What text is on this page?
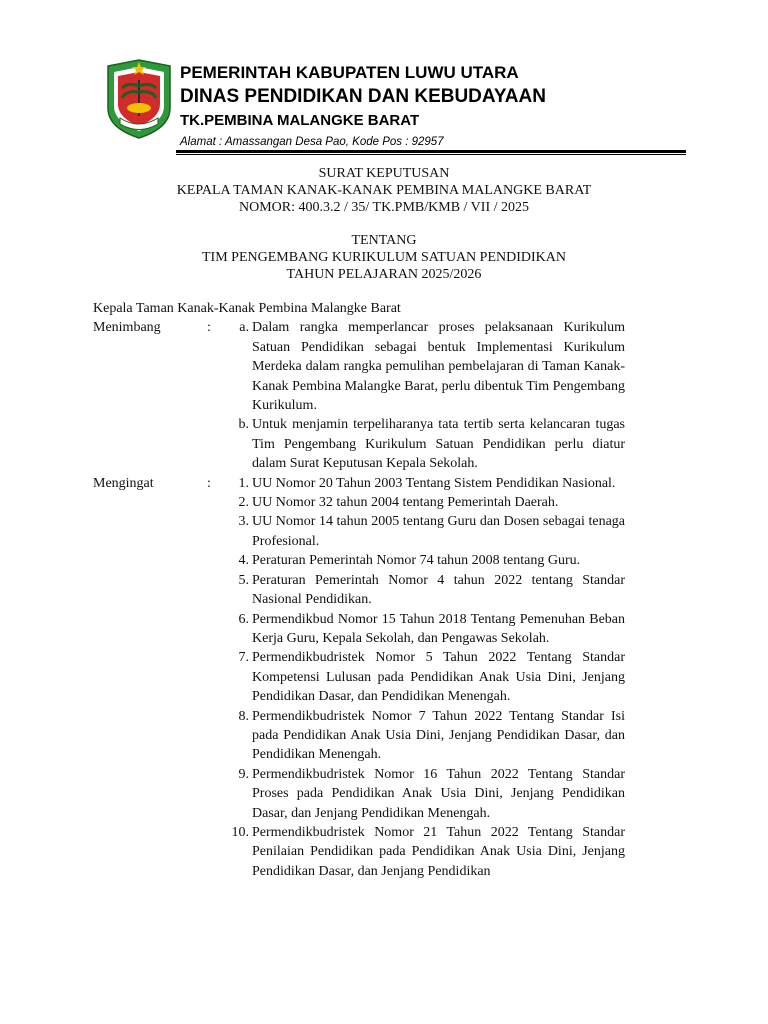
PEMERINTAH KABUPATEN LUWU UTARA
DINAS PENDIDIKAN DAN KEBUDAYAAN
TK.PEMBINA MALANGKE BARAT
Alamat : Amassangan Desa Pao, Kode Pos : 92957
SURAT KEPUTUSAN
KEPALA TAMAN KANAK-KANAK PEMBINA MALANGKE BARAT
NOMOR: 400.3.2 / 35/ TK.PMB/KMB / VII / 2025
TENTANG
TIM PENGEMBANG KURIKULUM SATUAN PENDIDIKAN
TAHUN PELAJARAN 2025/2026

Kepala Taman Kanak-Kanak Pembina Malangke Barat

Menimbang	:	a. Dalam rangka memperlancar proses pelaksanaan Kurikulum Satuan Pendidikan sebagai bentuk Implementasi Kurikulum Merdeka dalam rangka pemulihan pembelajaran di Taman Kanak-Kanak Pembina Malangke Barat, perlu dibentuk Tim Pengembang Kurikulum.
b. Untuk menjamin terpeliharanya tata tertib serta kelancaran tugas Tim Pengembang Kurikulum Satuan Pendidikan perlu diatur dalam Surat Keputusan Kepala Sekolah.
Mengingat	:	1. UU Nomor 20 Tahun 2003 Tentang Sistem Pendidikan Nasional.
2. UU Nomor 32 tahun 2004 tentang Pemerintah Daerah.
3. UU Nomor 14 tahun 2005 tentang Guru dan Dosen sebagai tenaga Profesional.
4. Peraturan Pemerintah Nomor 74 tahun 2008 tentang Guru.
5. Peraturan Pemerintah Nomor 4 tahun 2022 tentang Standar Nasional Pendidikan.
6. Permendikbud Nomor 15 Tahun 2018 Tentang Pemenuhan Beban Kerja Guru, Kepala Sekolah, dan Pengawas Sekolah.
7. Permendikbudristek Nomor 5 Tahun 2022 Tentang Standar Kompetensi Lulusan pada Pendidikan Anak Usia Dini, Jenjang Pendidikan Dasar, dan Pendidikan Menengah.
8. Permendikbudristek Nomor 7 Tahun 2022 Tentang Standar Isi pada Pendidikan Anak Usia Dini, Jenjang Pendidikan Dasar, dan Pendidikan Menengah.
9. Permendikbudristek Nomor 16 Tahun 2022 Tentang Standar Proses pada Pendidikan Anak Usia Dini, Jenjang Pendidikan Dasar, dan Jenjang Pendidikan Menengah.
10. Permendikbudristek Nomor 21 Tahun 2022 Tentang Standar Penilaian Pendidikan pada Pendidikan Anak Usia Dini, Jenjang Pendidikan Dasar, dan Jenjang Pendidikan
